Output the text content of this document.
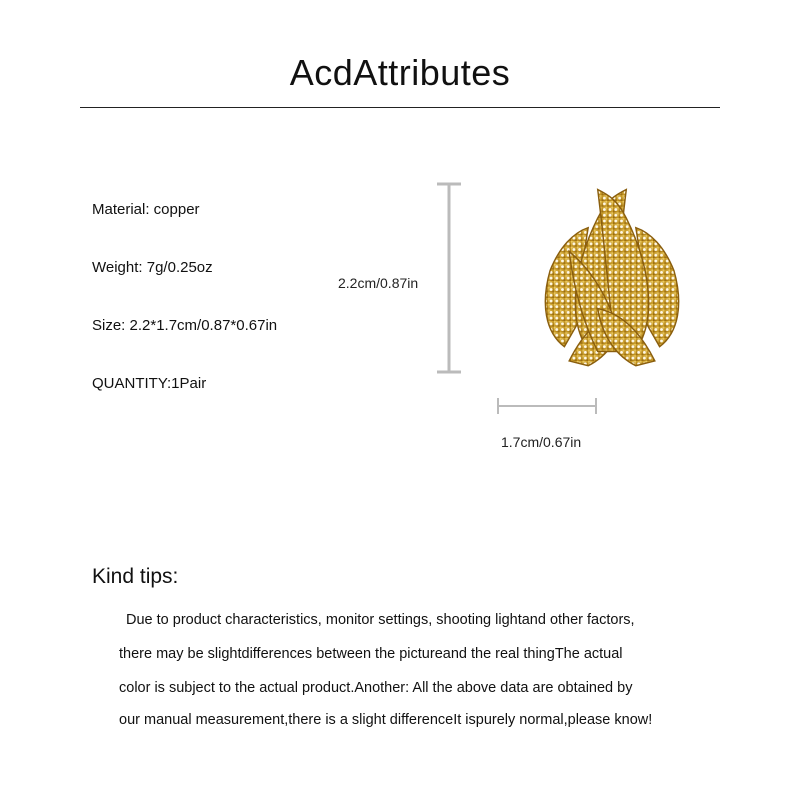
AcdAttributes
Material: copper
Weight: 7g/0.25oz
Size: 2.2*1.7cm/0.87*0.67in
QUANTITY:1Pair
2.2cm/0.87in
1.7cm/0.67in
Kind tips:
Due to product characteristics, monitor settings, shooting lightand other factors,
there may be slightdifferences between the pictureand the real thingThe actual
color is subject to the actual product.Another: All the above data are obtained by
our manual measurement,there is a slight differenceIt ispurely normal,please know!
